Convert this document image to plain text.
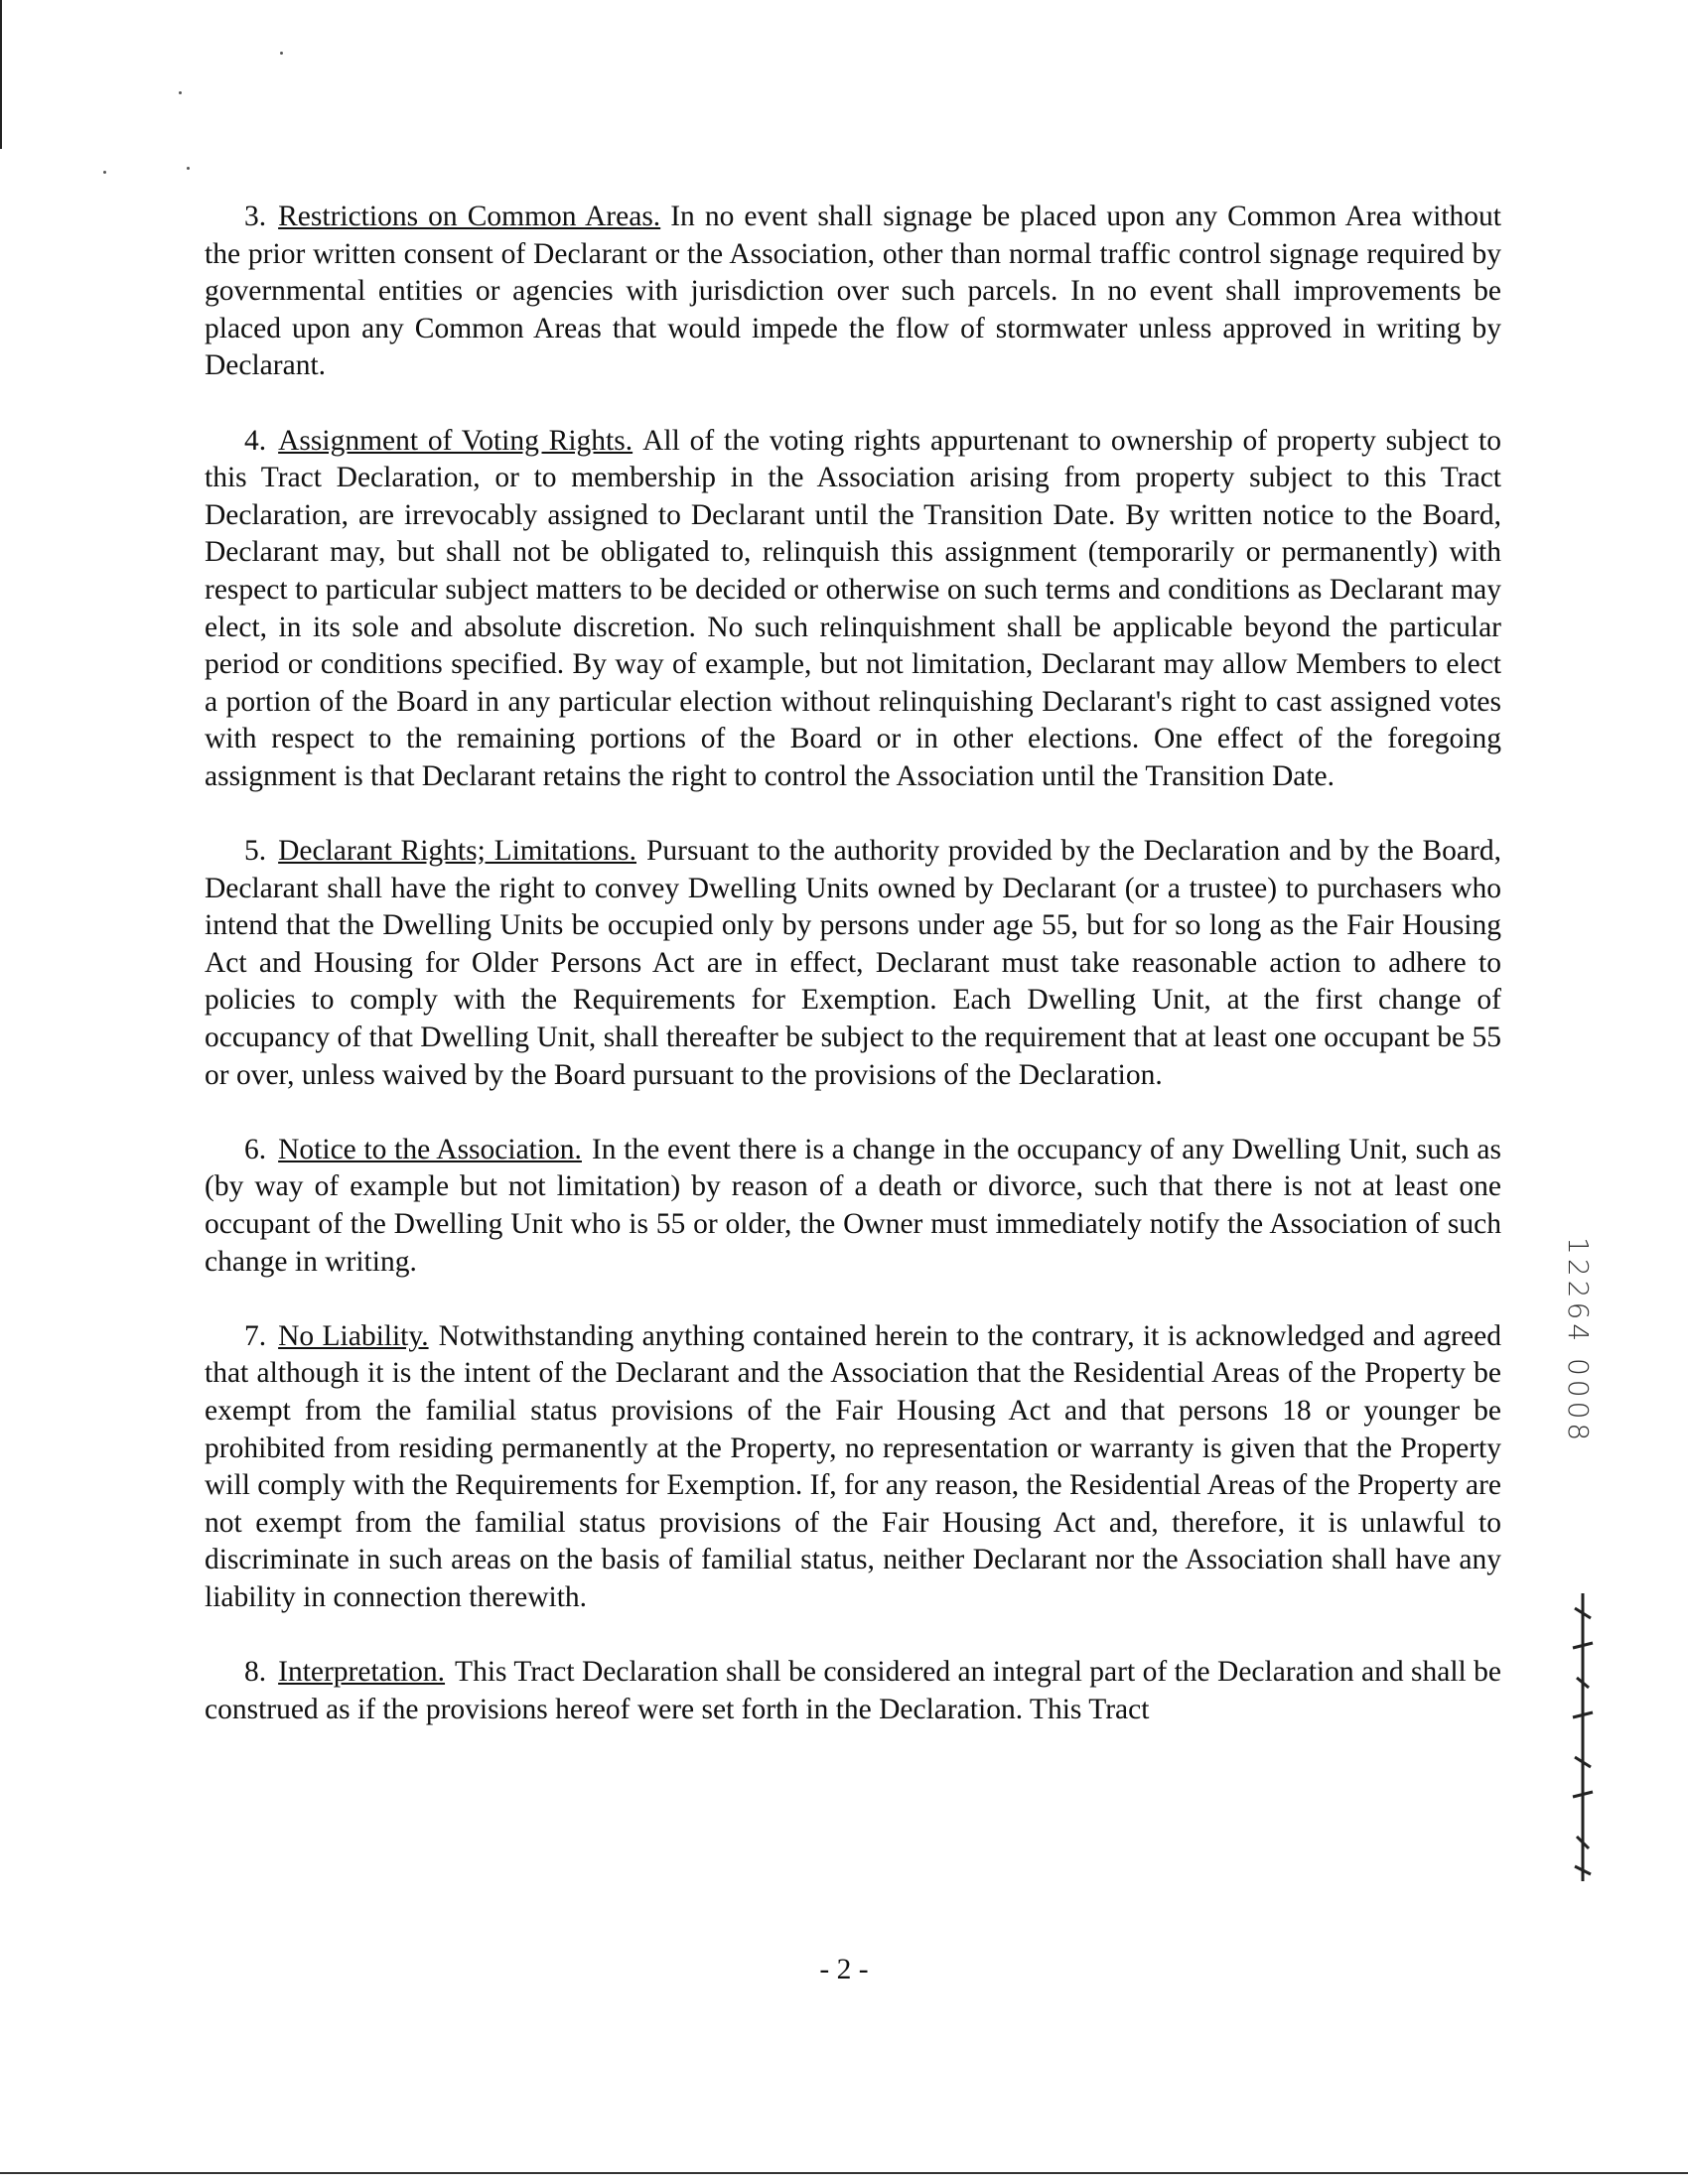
3. Restrictions on Common Areas. In no event shall signage be placed upon any Common Area without the prior written consent of Declarant or the Association, other than normal traffic control signage required by governmental entities or agencies with jurisdiction over such parcels. In no event shall improvements be placed upon any Common Areas that would impede the flow of stormwater unless approved in writing by Declarant.

4. Assignment of Voting Rights. All of the voting rights appurtenant to ownership of property subject to this Tract Declaration, or to membership in the Association arising from property subject to this Tract Declaration, are irrevocably assigned to Declarant until the Transition Date. By written notice to the Board, Declarant may, but shall not be obligated to, relinquish this assignment (temporarily or permanently) with respect to particular subject matters to be decided or otherwise on such terms and conditions as Declarant may elect, in its sole and absolute discretion. No such relinquishment shall be applicable beyond the particular period or conditions specified. By way of example, but not limitation, Declarant may allow Members to elect a portion of the Board in any particular election without relinquishing Declarant's right to cast assigned votes with respect to the remaining portions of the Board or in other elections. One effect of the foregoing assignment is that Declarant retains the right to control the Association until the Transition Date.

5. Declarant Rights; Limitations. Pursuant to the authority provided by the Declaration and by the Board, Declarant shall have the right to convey Dwelling Units owned by Declarant (or a trustee) to purchasers who intend that the Dwelling Units be occupied only by persons under age 55, but for so long as the Fair Housing Act and Housing for Older Persons Act are in effect, Declarant must take reasonable action to adhere to policies to comply with the Requirements for Exemption. Each Dwelling Unit, at the first change of occupancy of that Dwelling Unit, shall thereafter be subject to the requirement that at least one occupant be 55 or over, unless waived by the Board pursuant to the provisions of the Declaration.

6. Notice to the Association. In the event there is a change in the occupancy of any Dwelling Unit, such as (by way of example but not limitation) by reason of a death or divorce, such that there is not at least one occupant of the Dwelling Unit who is 55 or older, the Owner must immediately notify the Association of such change in writing.

7. No Liability. Notwithstanding anything contained herein to the contrary, it is acknowledged and agreed that although it is the intent of the Declarant and the Association that the Residential Areas of the Property be exempt from the familial status provisions of the Fair Housing Act and that persons 18 or younger be prohibited from residing permanently at the Property, no representation or warranty is given that the Property will comply with the Requirements for Exemption. If, for any reason, the Residential Areas of the Property are not exempt from the familial status provisions of the Fair Housing Act and, therefore, it is unlawful to discriminate in such areas on the basis of familial status, neither Declarant nor the Association shall have any liability in connection therewith.

8. Interpretation. This Tract Declaration shall be considered an integral part of the Declaration and shall be construed as if the provisions hereof were set forth in the Declaration. This Tract

12264 0008
- 2 -
